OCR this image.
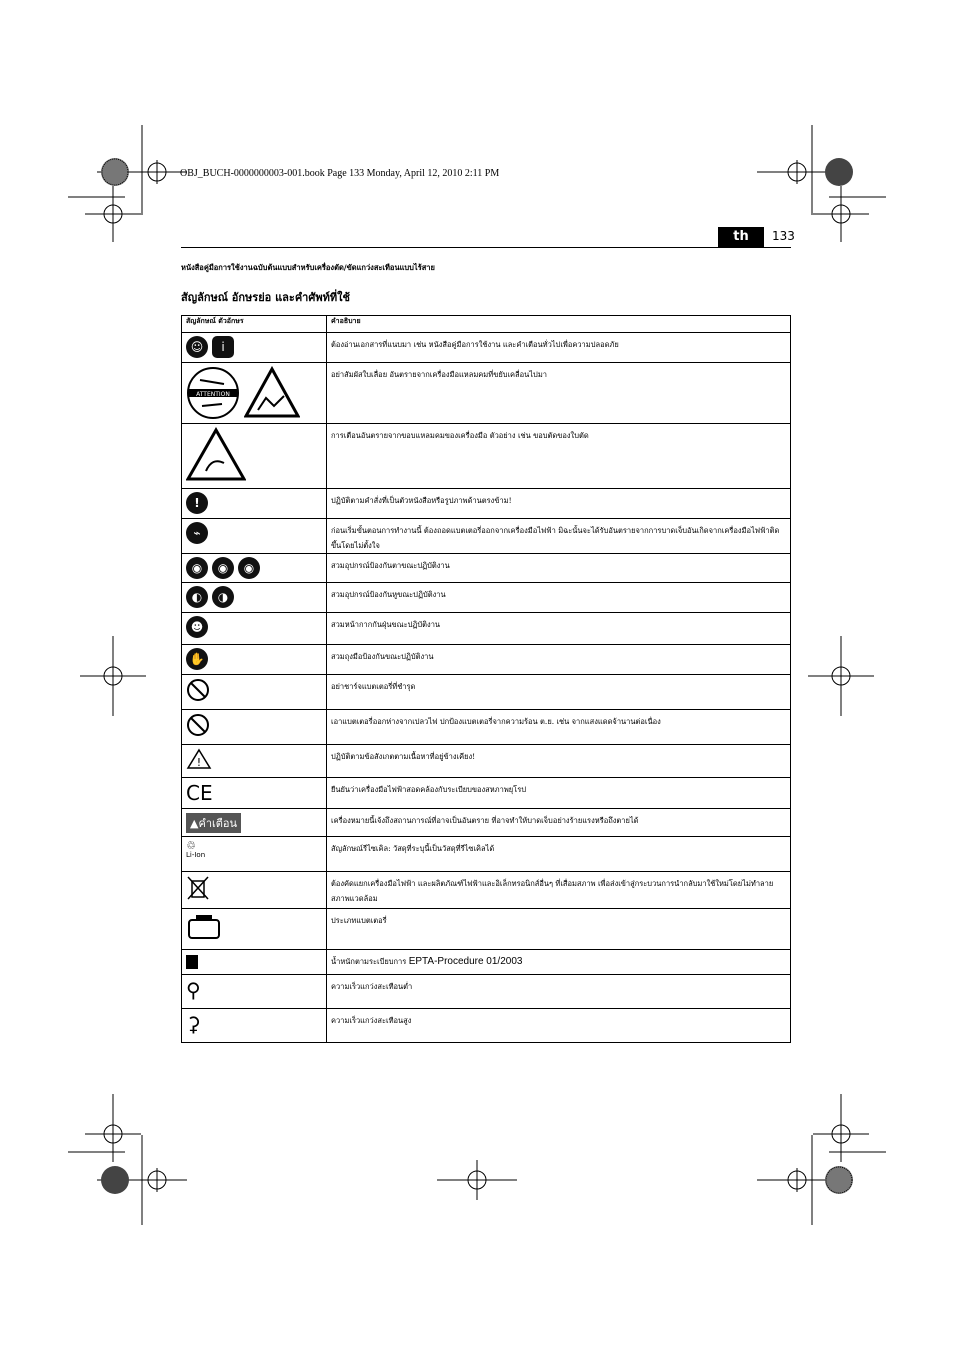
OBJ_BUCH-0000000003-001.book Page 133 Monday, April 12, 2010 2:11 PM
th	133
หนังสือคู่มือการใช้งานฉบับต้นแบบสำหรับเครื่องตัด/ขัดแกว่งสะเทือนแบบไร้สาย
สัญลักษณ์ อักษรย่อ และคำศัพท์ที่ใช้
สัญลักษณ์ ตัวอักษร	คำอธิบาย

☺ i	ต้องอ่านเอกสารที่แนบมา เช่น หนังสือคู่มือการใช้งาน และคำเตือนทั่วไปเพื่อความปลอดภัย

ATTENTION	อย่าสัมผัสใบเลื่อย อันตรายจากเครื่องมือแหลมคมที่ขยับเคลื่อนไปมา
	การเตือนอันตรายจากขอบแหลมคมของเครื่องมือ ตัวอย่าง เช่น ขอบตัดของใบตัด

!	ปฏิบัติตามคำสั่งที่เป็นตัวหนังสือหรือรูปภาพด้านตรงข้าม!

⌁	ก่อนเริ่มขั้นตอนการทำงานนี้ ต้องถอดแบตเตอรี่ออกจากเครื่องมือไฟฟ้า มิฉะนั้นจะได้รับอันตรายจากการบาดเจ็บอันเกิดจากเครื่องมือไฟฟ้าติดขึ้นโดยไม่ตั้งใจ

◉ ◉ ◉	สวมอุปกรณ์ป้องกันตาขณะปฏิบัติงาน

◐ ◑	สวมอุปกรณ์ป้องกันหูขณะปฏิบัติงาน

☻	สวมหน้ากากกันฝุ่นขณะปฏิบัติงาน

✋	สวมถุงมือป้องกันขณะปฏิบัติงาน
	อย่าชาร์จแบตเตอรี่ที่ชำรุด
	เอาแบตเตอรี่ออกห่างจากเปลวไฟ ปกป้องแบตเตอรี่จากความร้อน ต.ย. เช่น จากแสงแดดจ้านานต่อเนื่อง

!	ปฏิบัติตามข้อสังเกตตามเนื้อหาที่อยู่ข้างเคียง!
CE	ยืนยันว่าเครื่องมือไฟฟ้าสอดคล้องกับระเบียบของสหภาพยุโรป
▲คำเตือน	เครื่องหมายนี้เจ้งถึงสถานการณ์ที่อาจเป็นอันตราย ที่อาจทำให้บาดเจ็บอย่างร้ายแรงหรือถึงตายได้

♲
Li-Ion	สัญลักษณ์รีไซเคิล: วัสดุที่ระบุนี้เป็นวัสดุที่รีไซเคิลได้
	ต้องคัดแยกเครื่องมือไฟฟ้า และผลิตภัณฑ์ไฟฟ้าและอิเล็กทรอนิกส์อื่นๆ ที่เสื่อมสภาพ เพื่อส่งเข้าสู่กระบวนการนำกลับมาใช้ใหม่โดยไม่ทำลายสภาพแวดล้อม
	ประเภทแบตเตอรี่

	น้ำหนักตามระเบียบการ EPTA-Procedure 01/2003
⚲	ความเร็วแกว่งสะเทือนต่ำ
⚳	ความเร็วแกว่งสะเทือนสูง
